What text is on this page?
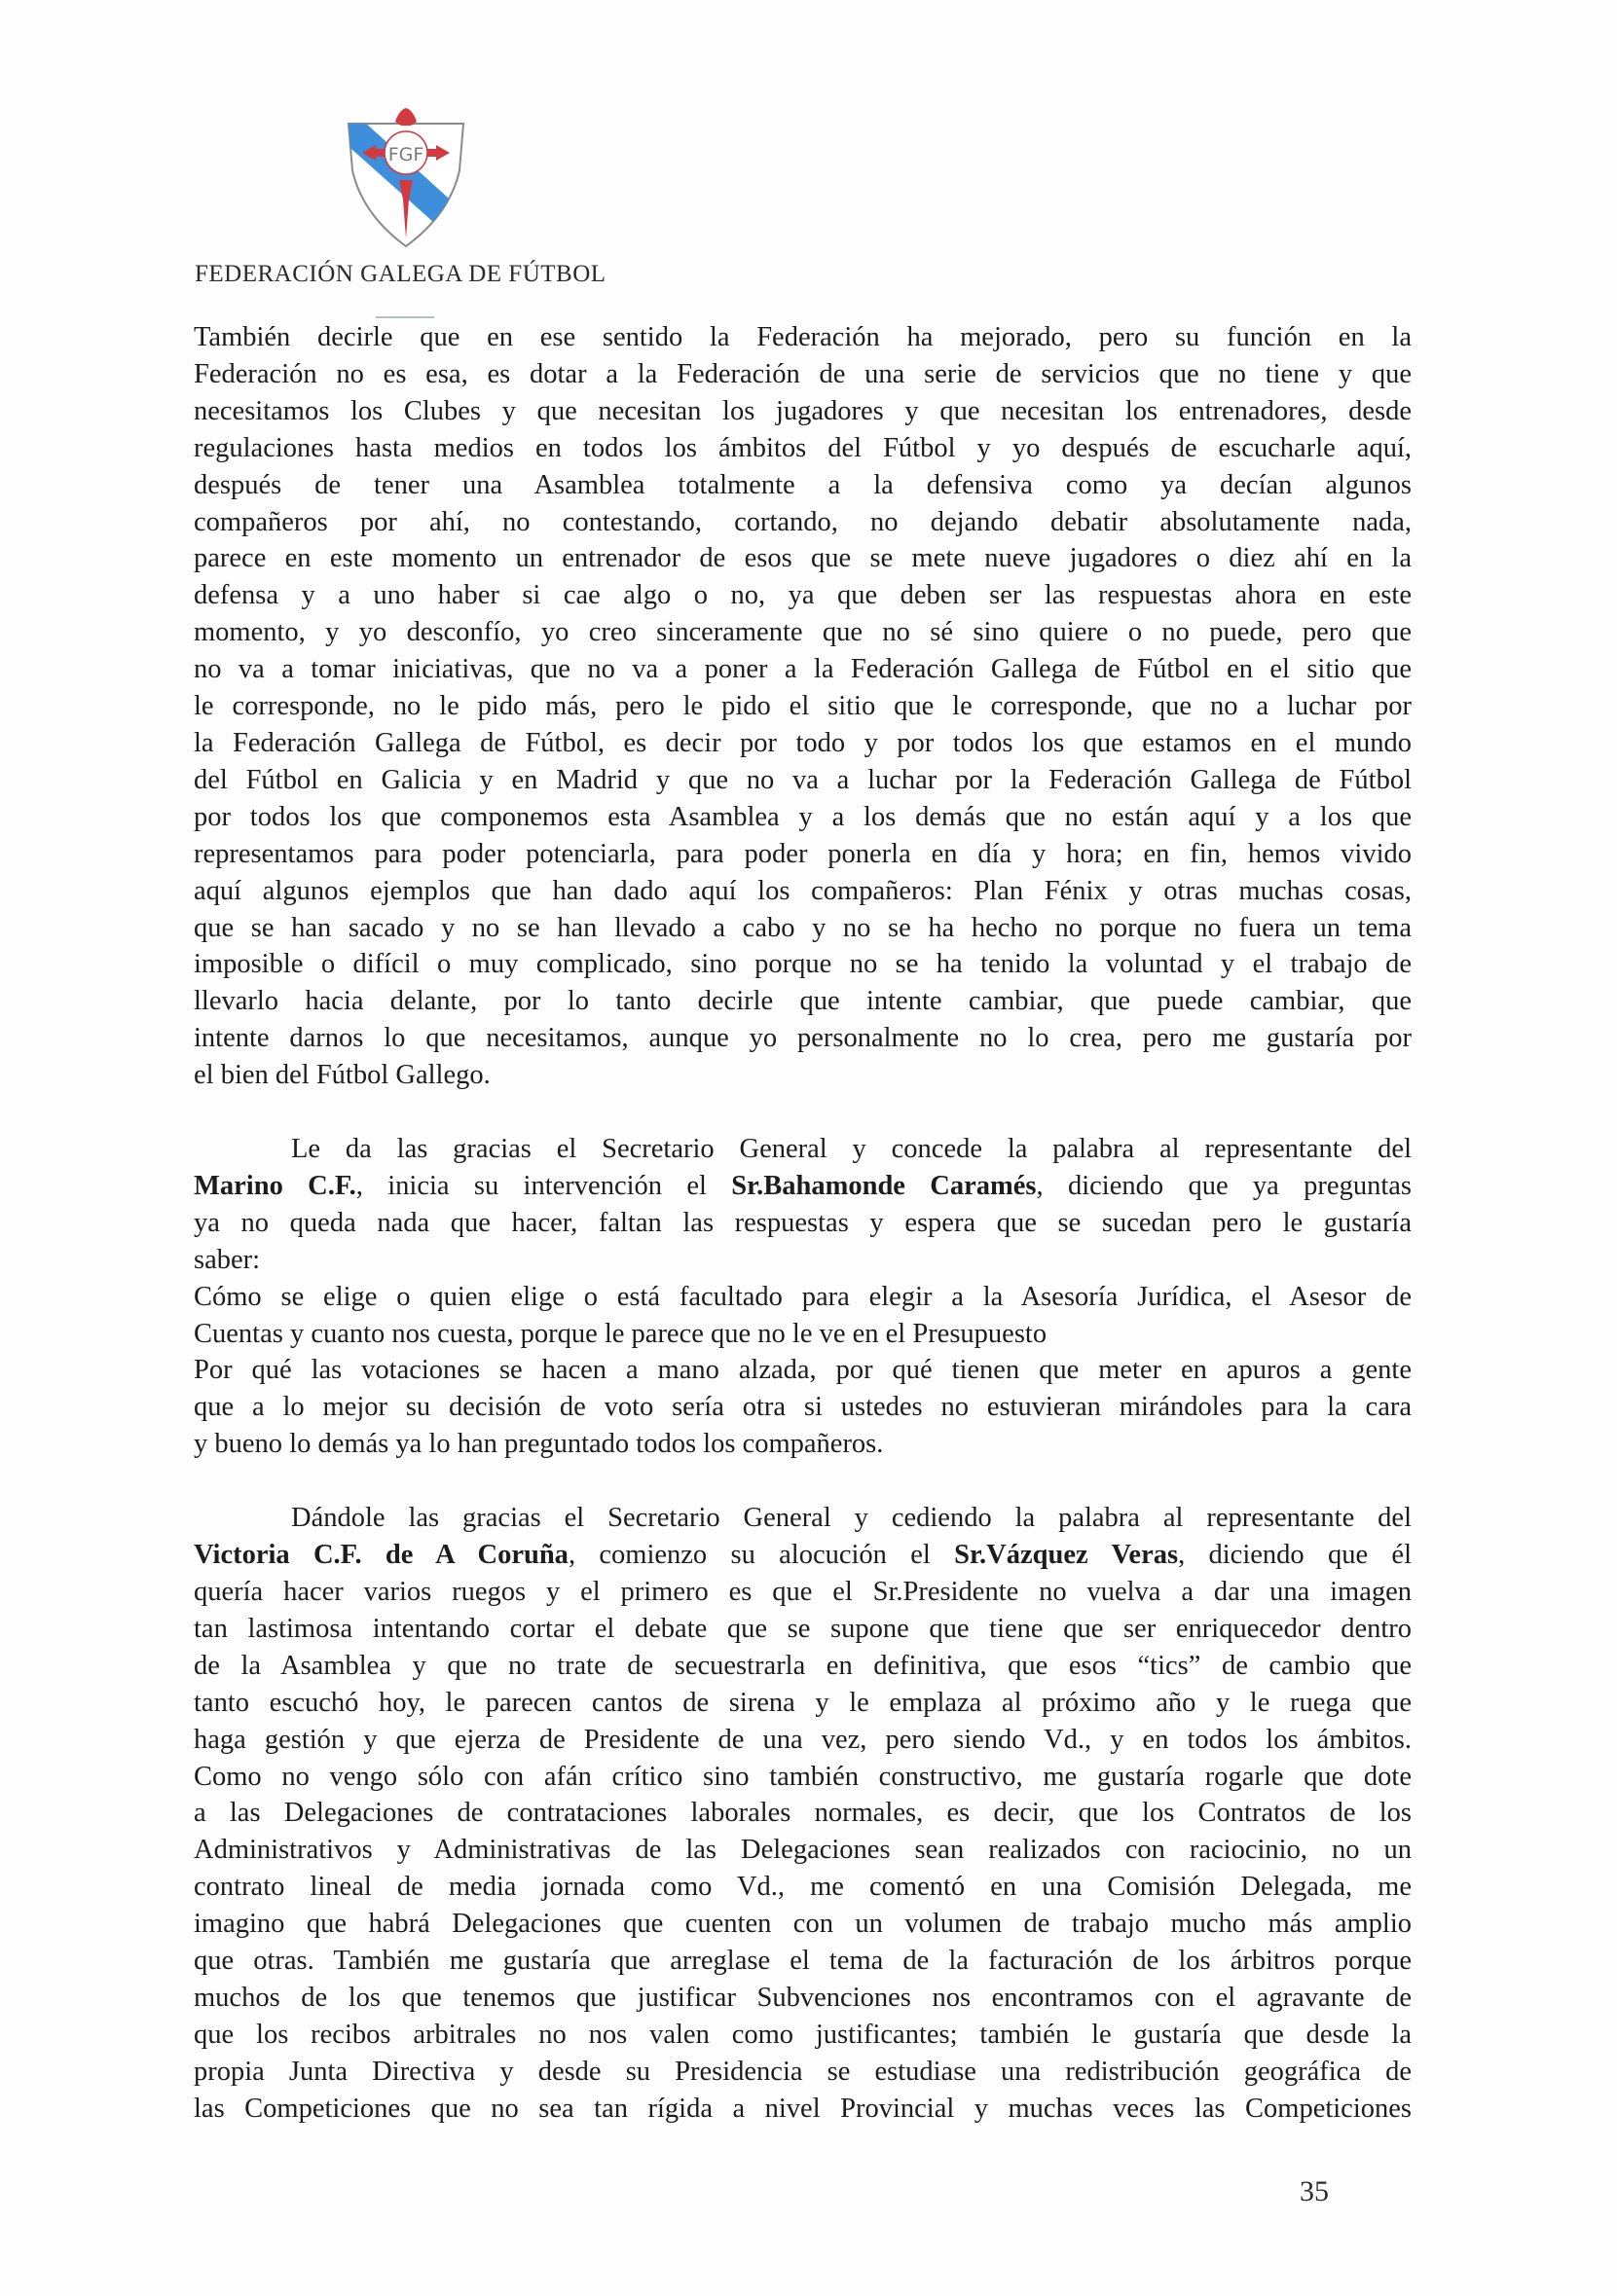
FGF
FEDERACIÓN GALEGA DE FÚTBOL

También decirle que en ese sentido la Federación ha mejorado, pero su función en la
Federación no es esa, es dotar a la Federación de una serie de servicios que no tiene y que
necesitamos los Clubes y que necesitan los jugadores y que necesitan los entrenadores, desde
regulaciones hasta medios en todos los ámbitos del Fútbol y yo después de escucharle aquí,
después de tener una Asamblea totalmente a la defensiva como ya decían algunos
compañeros por ahí, no contestando, cortando, no dejando debatir absolutamente nada,
parece en este momento un entrenador de esos que se mete nueve jugadores o diez ahí en la
defensa y a uno haber si cae algo o no, ya que deben ser las respuestas ahora en este
momento, y yo desconfío, yo creo sinceramente que no sé sino quiere o no puede, pero que
no va a tomar iniciativas, que no va a poner a la Federación Gallega de Fútbol en el sitio que
le corresponde, no le pido más, pero le pido el sitio que le corresponde, que no a luchar por
la Federación Gallega de Fútbol, es decir por todo y por todos los que estamos en el mundo
del Fútbol en Galicia y en Madrid y que no va a luchar por la Federación Gallega de Fútbol
por todos los que componemos esta Asamblea y a los demás que no están aquí y a los que
representamos para poder potenciarla, para poder ponerla en día y hora; en fin, hemos vivido
aquí algunos ejemplos que han dado aquí los compañeros: Plan Fénix y otras muchas cosas,
que se han sacado y no se han llevado a cabo y no se ha hecho no porque no fuera un tema
imposible o difícil o muy complicado, sino porque no se ha tenido la voluntad y el trabajo de
llevarlo hacia delante, por lo tanto decirle que intente cambiar, que puede cambiar, que
intente darnos lo que necesitamos, aunque yo personalmente no lo crea, pero me gustaría por
el bien del Fútbol Gallego.

Le da las gracias el Secretario General y concede la palabra al representante del
Marino C.F., inicia su intervención el Sr.Bahamonde Caramés, diciendo que ya preguntas
ya no queda nada que hacer, faltan las respuestas y espera que se sucedan pero le gustaría
saber:
Cómo se elige o quien elige o está facultado para elegir a la Asesoría Jurídica, el Asesor de
Cuentas y cuanto nos cuesta, porque le parece que no le ve en el Presupuesto
Por qué las votaciones se hacen a mano alzada, por qué tienen que meter en apuros a gente
que a lo mejor su decisión de voto sería otra si ustedes no estuvieran mirándoles para la cara
y bueno lo demás ya lo han preguntado todos los compañeros.

Dándole las gracias el Secretario General y cediendo la palabra al representante del
Victoria C.F. de A Coruña, comienzo su alocución el Sr.Vázquez Veras, diciendo que él
quería hacer varios ruegos y el primero es que el Sr.Presidente no vuelva a dar una imagen
tan lastimosa intentando cortar el debate que se supone que tiene que ser enriquecedor dentro
de la Asamblea y que no trate de secuestrarla en definitiva, que esos “tics” de cambio que
tanto escuchó hoy, le parecen cantos de sirena y le emplaza al próximo año y le ruega que
haga gestión y que ejerza de Presidente de una vez, pero siendo Vd., y en todos los ámbitos.
Como no vengo sólo con afán crítico sino también constructivo, me gustaría rogarle que dote
a las Delegaciones de contrataciones laborales normales, es decir, que los Contratos de los
Administrativos y Administrativas de las Delegaciones sean realizados con raciocinio, no un
contrato lineal de media jornada como Vd., me comentó en una Comisión Delegada, me
imagino que habrá Delegaciones que cuenten con un volumen de trabajo mucho más amplio
que otras. También me gustaría que arreglase el tema de la facturación de los árbitros porque
muchos de los que tenemos que justificar Subvenciones nos encontramos con el agravante de
que los recibos arbitrales no nos valen como justificantes; también le gustaría que desde la
propia Junta Directiva y desde su Presidencia se estudiase una redistribución geográfica de
las Competiciones que no sea tan rígida a nivel Provincial y muchas veces las Competiciones

35
